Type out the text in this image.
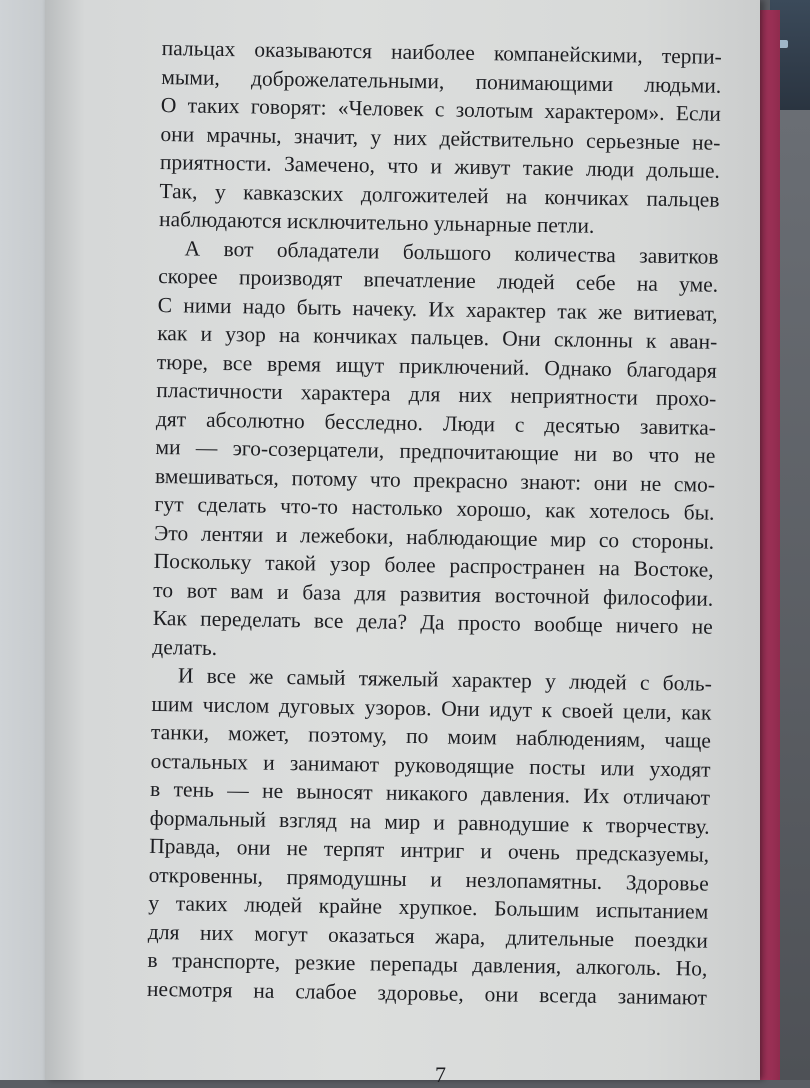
пальцах оказываются наиболее компанейскими, терпи-
мыми, доброжелательными, понимающими людьми.
О таких говорят: «Человек с золотым характером». Если
они мрачны, значит, у них действительно серьезные не-
приятности. Замечено, что и живут такие люди дольше.
Так, у кавказских долгожителей на кончиках пальцев
наблюдаются исключительно ульнарные петли.
А вот обладатели большого количества завитков
скорее производят впечатление людей себе на уме.
С ними надо быть начеку. Их характер так же витиеват,
как и узор на кончиках пальцев. Они склонны к аван-
тюре, все время ищут приключений. Однако благодаря
пластичности характера для них неприятности прохо-
дят абсолютно бесследно. Люди с десятью завитка-
ми — эго-созерцатели, предпочитающие ни во что не
вмешиваться, потому что прекрасно знают: они не смо-
гут сделать что-то настолько хорошо, как хотелось бы.
Это лентяи и лежебоки, наблюдающие мир со стороны.
Поскольку такой узор более распространен на Востоке,
то вот вам и база для развития восточной философии.
Как переделать все дела? Да просто вообще ничего не
делать.
И все же самый тяжелый характер у людей с боль-
шим числом дуговых узоров. Они идут к своей цели, как
танки, может, поэтому, по моим наблюдениям, чаще
остальных и занимают руководящие посты или уходят
в тень — не выносят никакого давления. Их отличают
формальный взгляд на мир и равнодушие к творчеству.
Правда, они не терпят интриг и очень предсказуемы,
откровенны, прямодушны и незлопамятны. Здоровье
у таких людей крайне хрупкое. Большим испытанием
для них могут оказаться жара, длительные поездки
в транспорте, резкие перепады давления, алкоголь. Но,
несмотря на слабое здоровье, они всегда занимают
7
